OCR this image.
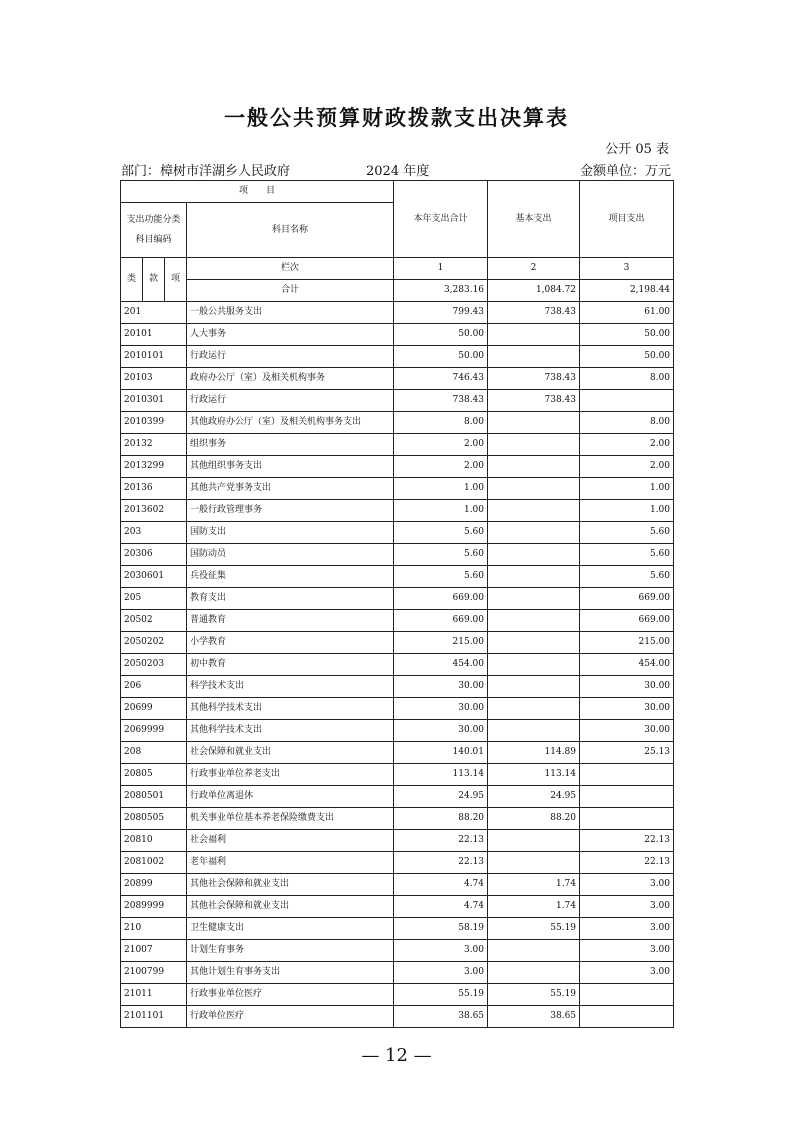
一般公共预算财政拨款支出决算表
公开 05 表
部门：樟树市洋湖乡人民政府	2024 年度	金额单位：万元
项　　目				本年支出合计	基本支出	项目支出
支出功能分类
科目编码			科目名称			

类	款	项	栏次	1	2	3
			合计	3,283.16	1,084.72	2,198.44
201			一般公共服务支出	799.43	738.43	61.00
20101			人大事务	50.00		50.00
2010101			行政运行	50.00		50.00
20103			政府办公厅（室）及相关机构事务	746.43	738.43	8.00
2010301			行政运行	738.43	738.43	
2010399			其他政府办公厅（室）及相关机构事务支出	8.00		8.00
20132			组织事务	2.00		2.00
2013299			其他组织事务支出	2.00		2.00
20136			其他共产党事务支出	1.00		1.00
2013602			一般行政管理事务	1.00		1.00
203			国防支出	5.60		5.60
20306			国防动员	5.60		5.60
2030601			兵役征集	5.60		5.60
205			教育支出	669.00		669.00
20502			普通教育	669.00		669.00
2050202			小学教育	215.00		215.00
2050203			初中教育	454.00		454.00
206			科学技术支出	30.00		30.00
20699			其他科学技术支出	30.00		30.00
2069999			其他科学技术支出	30.00		30.00
208			社会保障和就业支出	140.01	114.89	25.13
20805			行政事业单位养老支出	113.14	113.14	
2080501			行政单位离退休	24.95	24.95	
2080505			机关事业单位基本养老保险缴费支出	88.20	88.20	
20810			社会福利	22.13		22.13
2081002			老年福利	22.13		22.13
20899			其他社会保障和就业支出	4.74	1.74	3.00
2089999			其他社会保障和就业支出	4.74	1.74	3.00
210			卫生健康支出	58.19	55.19	3.00
21007			计划生育事务	3.00		3.00
2100799			其他计划生育事务支出	3.00		3.00
21011			行政事业单位医疗	55.19	55.19	
2101101			行政单位医疗	38.65	38.65	
— 12 —
